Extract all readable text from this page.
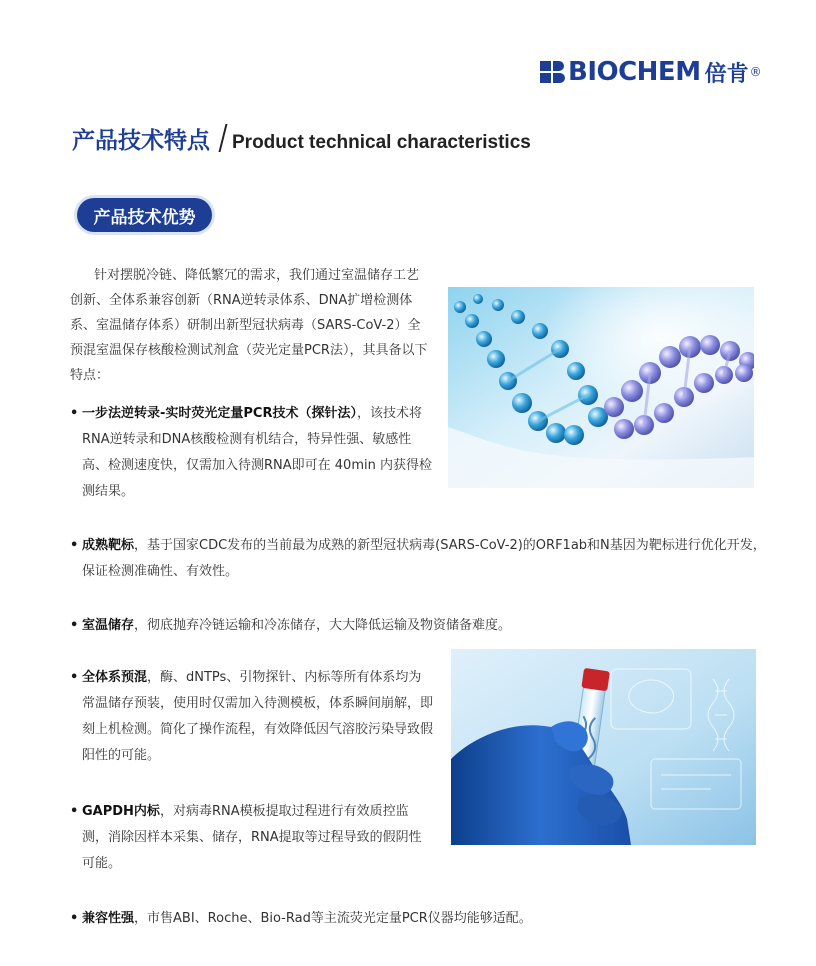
BIOCHEM 倍肯 ®
产品技术特点 Product technical characteristics
产品技术优势

针对摆脱冷链、降低繁冗的需求，我们通过室温储存工艺创新、全体系兼容创新（RNA逆转录体系、DNA扩增检测体系、室温储存体系）研制出新型冠状病毒（SARS-CoV-2）全预混室温保存核酸检测试剂盒（荧光定量PCR法），其具备以下特点：

• 一步法逆转录-实时荧光定量PCR技术（探针法），该技术将RNA逆转录和DNA核酸检测有机结合，特异性强、敏感性高、检测速度快，仅需加入待测RNA即可在 40min 内获得检测结果。
• 成熟靶标，基于国家CDC发布的当前最为成熟的新型冠状病毒(SARS-CoV-2)的ORF1ab和N基因为靶标进行优化开发，保证检测准确性、有效性。
• 室温储存，彻底抛弃冷链运输和冷冻储存，大大降低运输及物资储备难度。
• 全体系预混，酶、dNTPs、引物探针、内标等所有体系均为常温储存预装，使用时仅需加入待测模板，体系瞬间崩解，即刻上机检测。简化了操作流程，有效降低因气溶胶污染导致假阳性的可能。
• GAPDH内标，对病毒RNA模板提取过程进行有效质控监测，消除因样本采集、储存，RNA提取等过程导致的假阴性可能。
• 兼容性强，市售ABI、Roche、Bio-Rad等主流荧光定量PCR仪器均能够适配。
